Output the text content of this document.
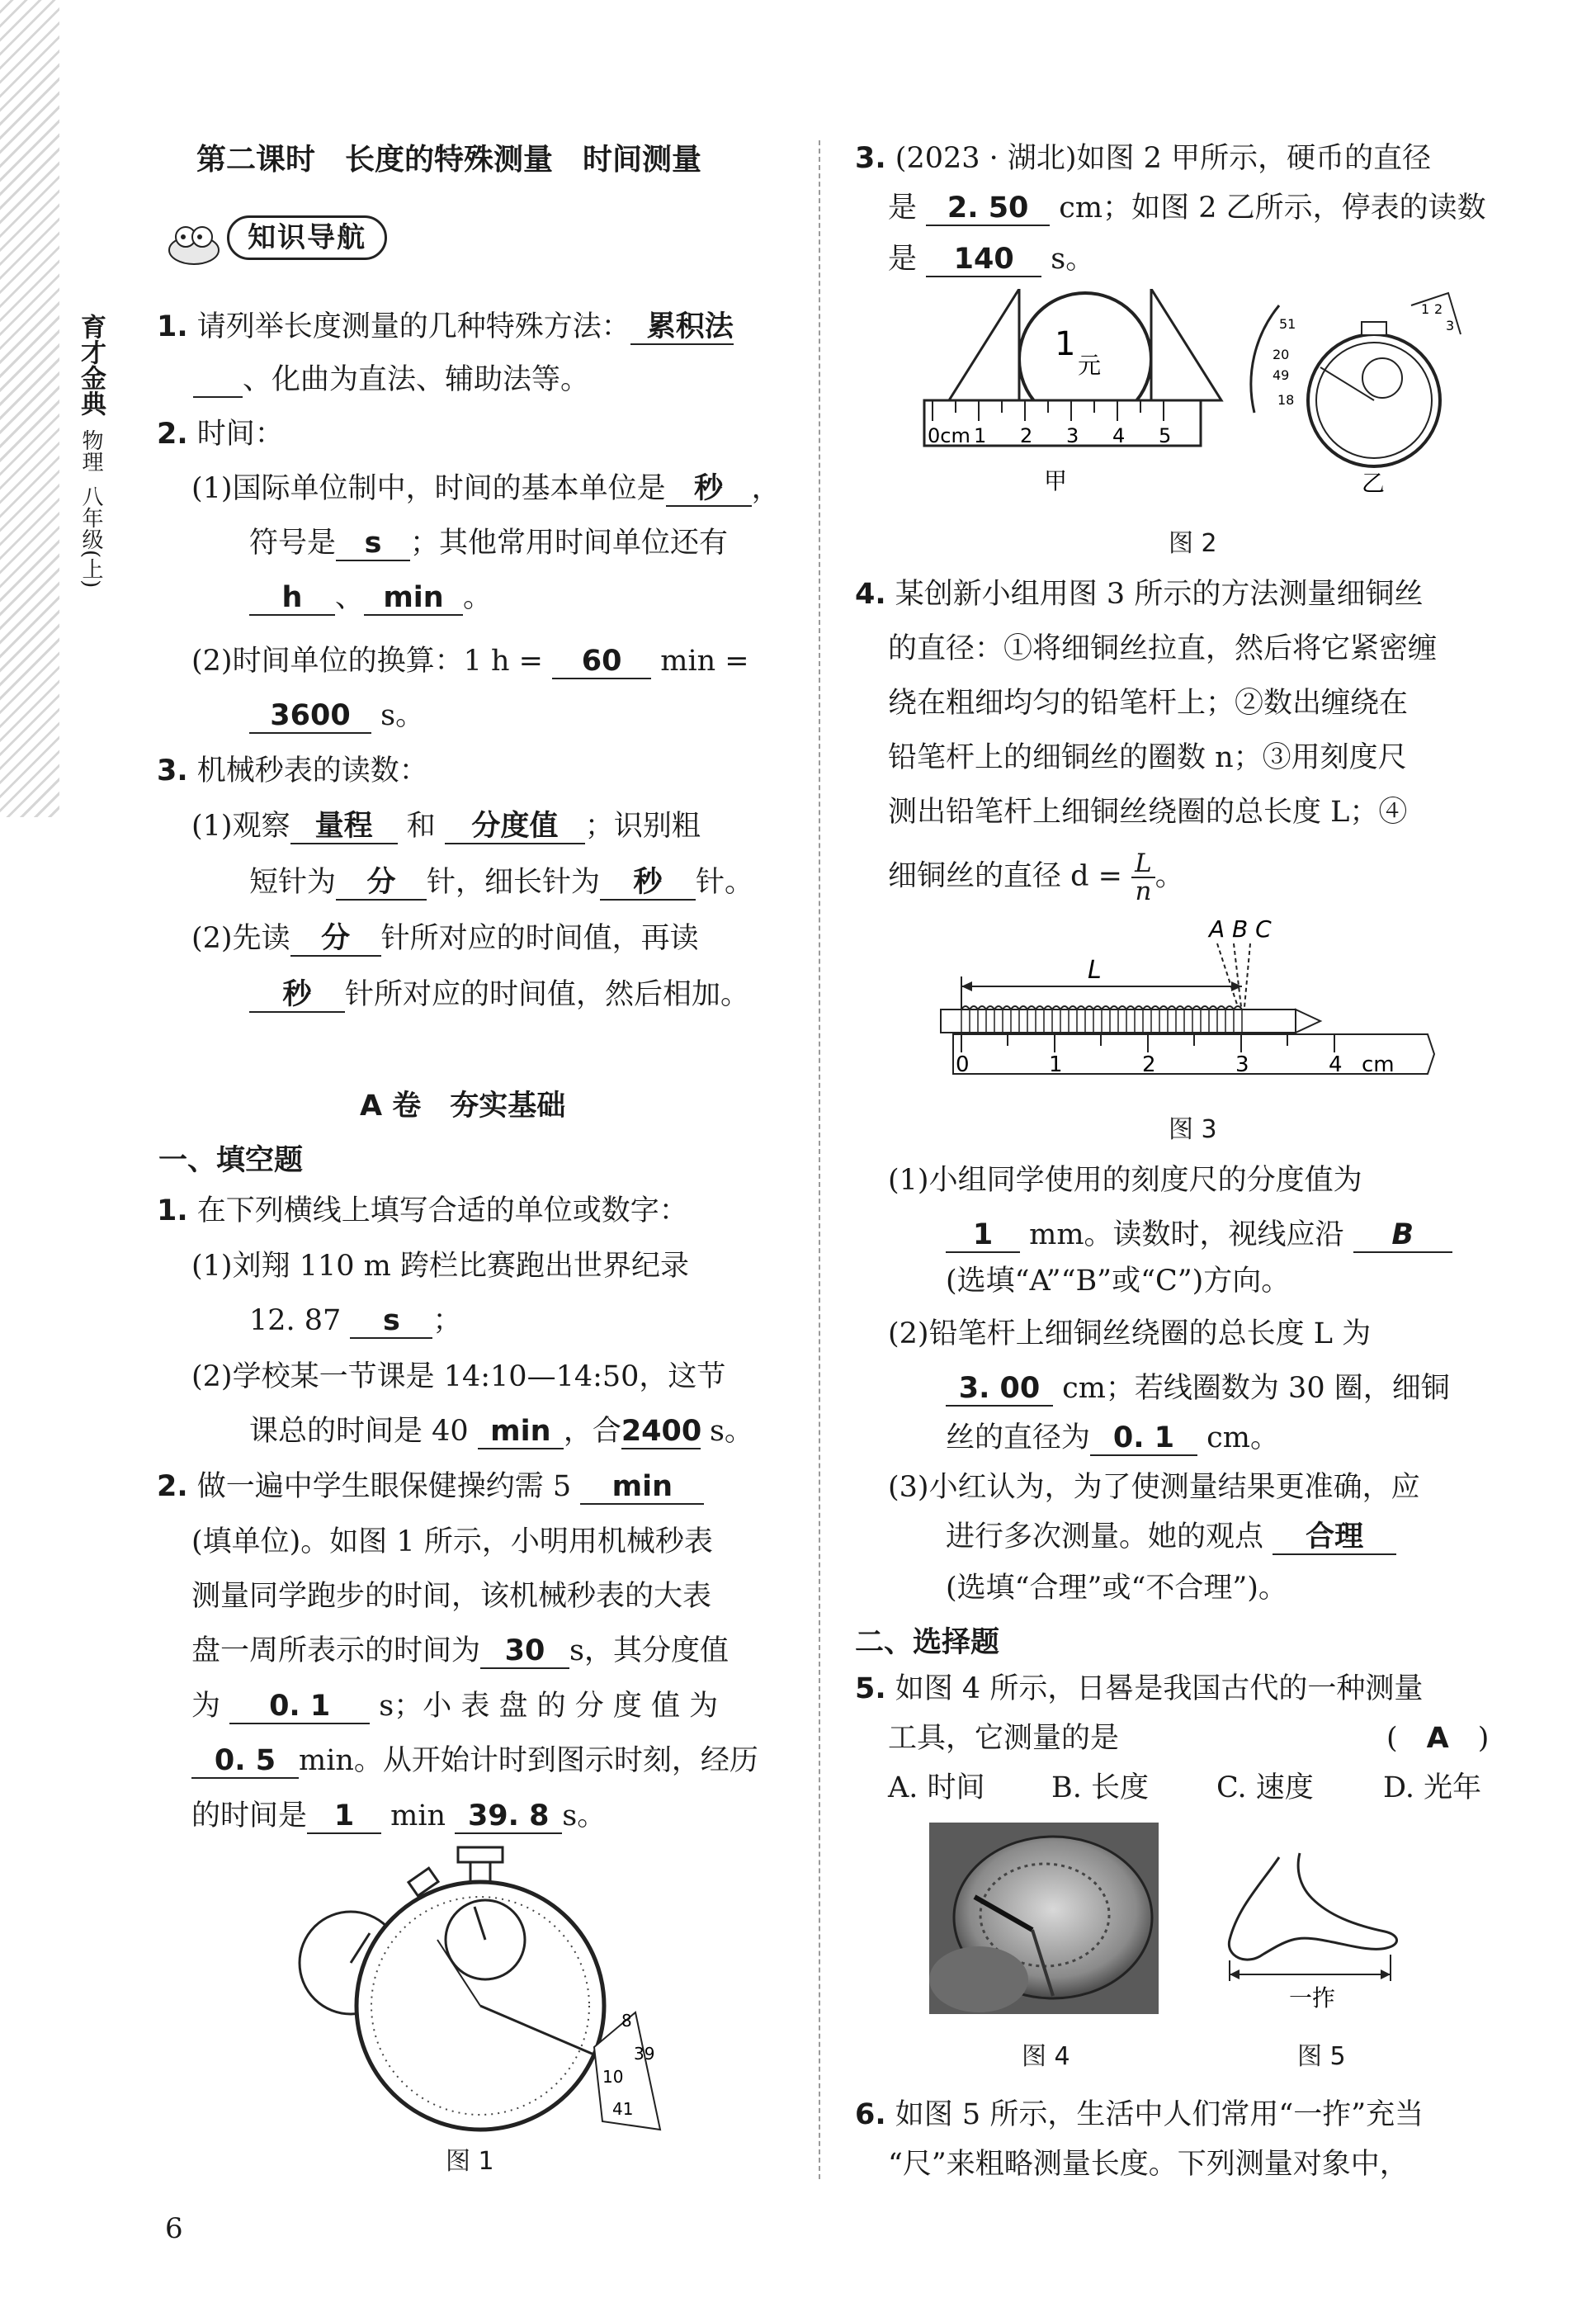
育才金典
物理
八年级(上)
第二课时　长度的特殊测量　时间测量
知识导航
1. 请列举长度测量的几种特殊方法： 累积法
、化曲为直法、辅助法等。
2. 时间：
(1)国际单位制中，时间的基本单位是 秒 ，
符号是 s ；其他常用时间单位还有
h 、 min 。
(2)时间单位的换算：1 h = 60 min =
3600 s。
3. 机械秒表的读数：
(1)观察 量程 和 分度值 ；识别粗
短针为 分 针，细长针为 秒 针。
(2)先读 分 针所对应的时间值，再读
秒 针所对应的时间值，然后相加。
A 卷　夯实基础
一、填空题
1. 在下列横线上填写合适的单位或数字：
(1)刘翔 110 m 跨栏比赛跑出世界纪录
12. 87 s ；
(2)学校某一节课是 14:10—14:50，这节
课总的时间是 40 min ，合2400 s。
2. 做一遍中学生眼保健操约需 5 min
(填单位)。如图 1 所示，小明用机械秒表
测量同学跑步的时间，该机械秒表的大表
盘一周所表示的时间为 30 s，其分度值
为 0. 1 s；小 表 盘 的 分 度 值 为
0. 5 min。从开始计时到图示时刻，经历
的时间是 1 min 39. 8 s。
8
39
10
41
图 1
3. (2023 · 湖北)如图 2 甲所示，硬币的直径
是 2. 50 cm；如图 2 乙所示，停表的读数
是 140 s。
1
元
0cm 1 2 3 4 5
甲
51
20
49
18
1 2
3
乙
图 2
4. 某创新小组用图 3 所示的方法测量细铜丝
的直径：①将细铜丝拉直，然后将它紧密缠
绕在粗细均匀的铅笔杆上；②数出缠绕在
铅笔杆上的细铜丝的圈数 n；③用刻度尺
测出铅笔杆上细铜丝绕圈的总长度 L；④
细铜丝的直径 $d = \frac{L}{n}$ 。
A B C
L
0	1	2	3	4 cm
图 3
(1)小组同学使用的刻度尺的分度值为
1 mm。读数时，视线应沿 B
(选填“A”“B”或“C”)方向。
(2)铅笔杆上细铜丝绕圈的总长度 L 为
3. 00 cm；若线圈数为 30 圈，细铜
丝的直径为 0. 1 cm。
(3)小红认为，为了使测量结果更准确，应
进行多次测量。她的观点 合理
(选填“合理”或“不合理”)。
二、选择题
5. 如图 4 所示，日晷是我国古代的一种测量
工具，它测量的是	(　A　)
A. 时间 B. 长度 C. 速度 D. 光年
图 4
一拃
图 5
6. 如图 5 所示，生活中人们常用“一拃”充当
“尺”来粗略测量长度。下列测量对象中，
6
